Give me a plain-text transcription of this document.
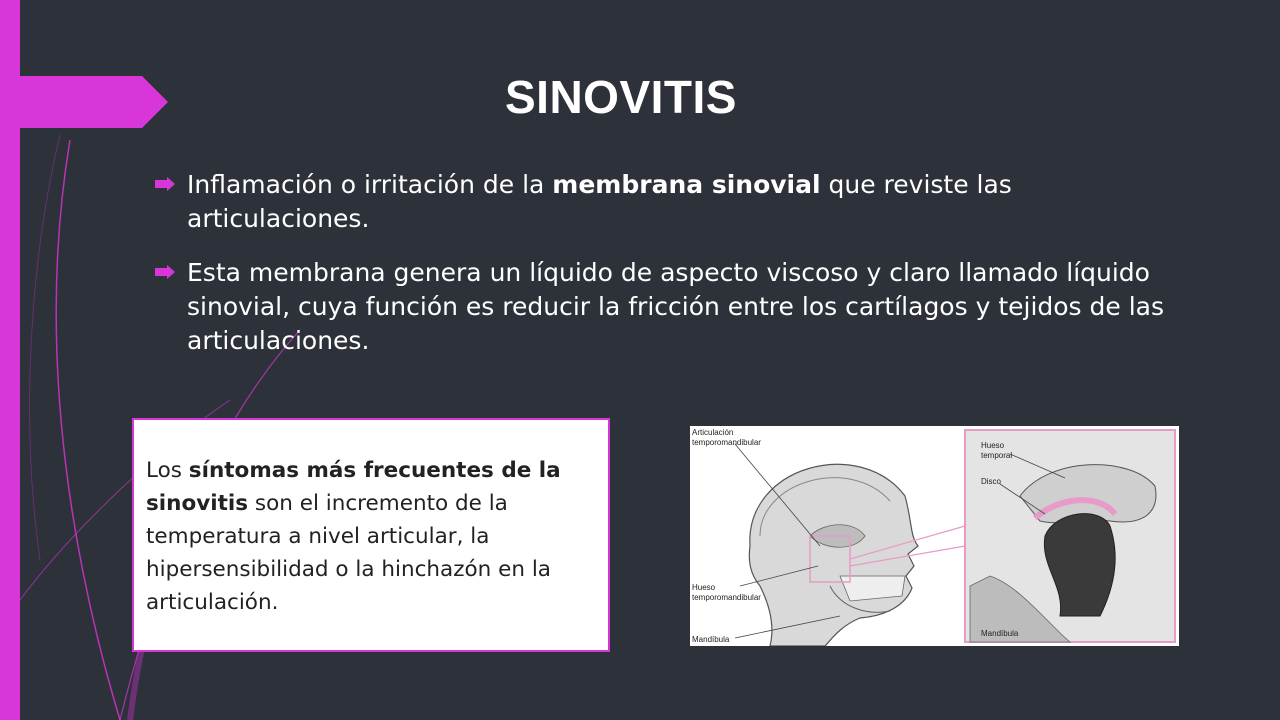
SINOVITIS
Inflamación o irritación de la membrana sinovial que reviste las articulaciones.
Esta membrana genera un líquido de aspecto viscoso y claro llamado líquido sinovial, cuya función es reducir la fricción entre los cartílagos y tejidos de las articulaciones.
Los síntomas más frecuentes de la sinovitis son el incremento de la temperatura a nivel articular, la hipersensibilidad o la hinchazón en la articulación.
Articulación
temporomandibular
Hueso
temporomandibular
Mandíbula
Hueso
temporal
Disco
Mandíbula
